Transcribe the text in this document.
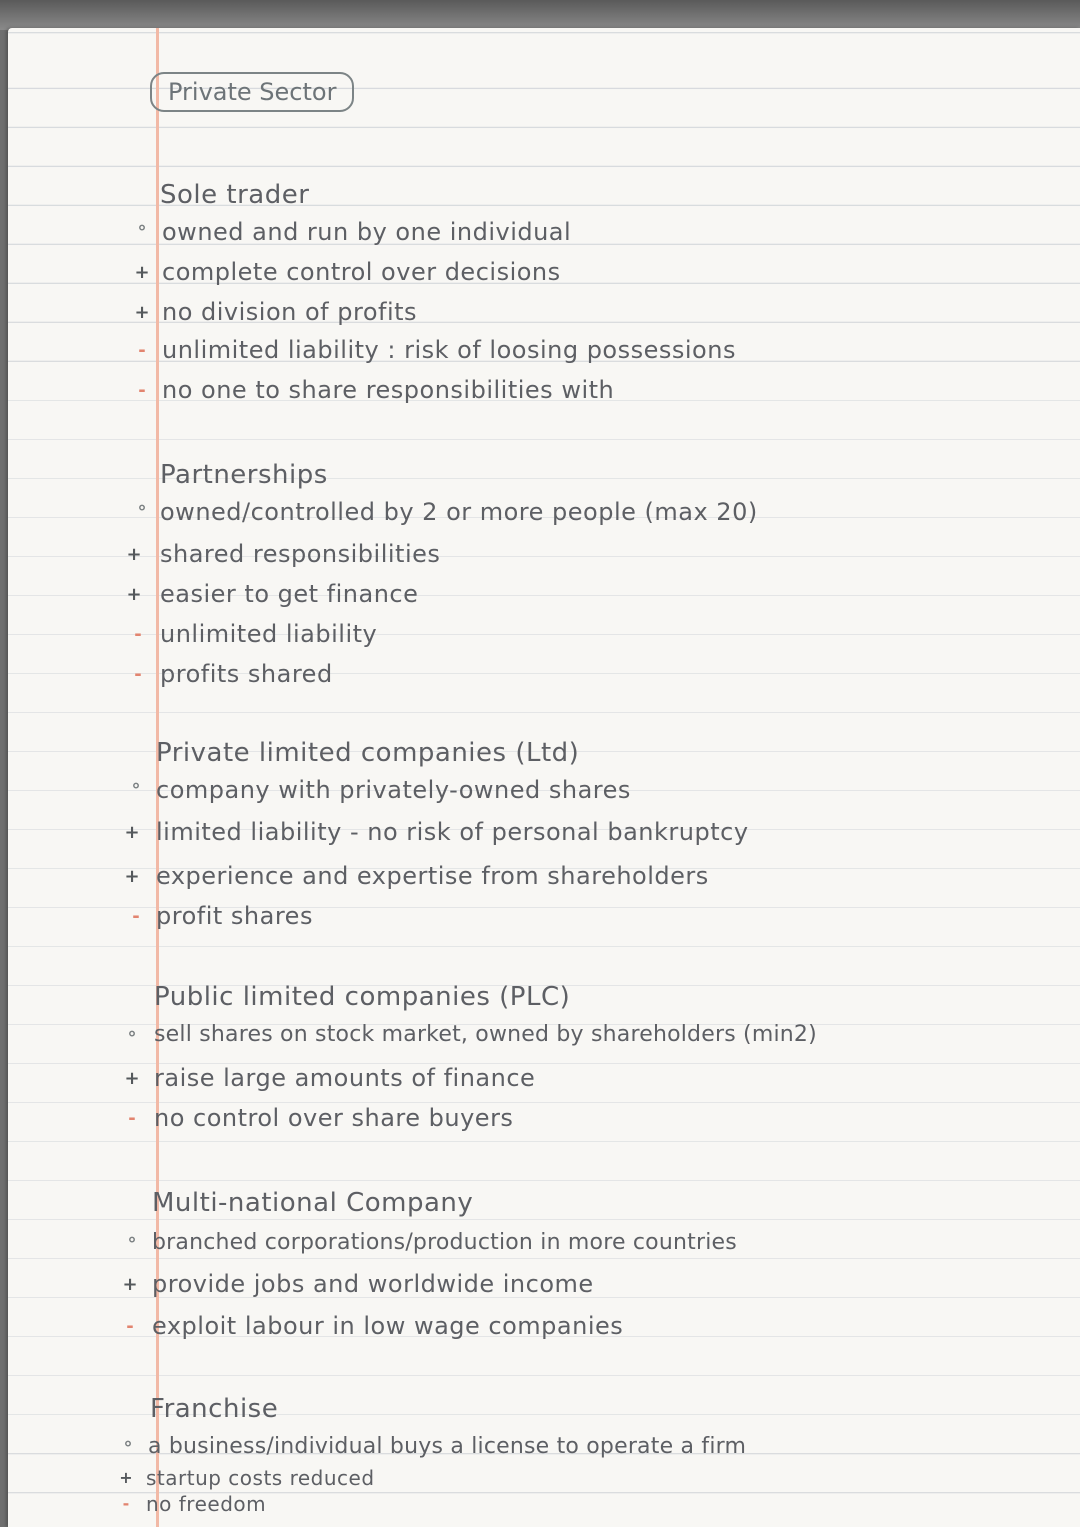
Private Sector
Sole trader
° owned and run by one individual
+ complete control over decisions
+ no division of profits
- unlimited liability : risk of loosing possessions
- no one to share responsibilities with
Partnerships
° owned/controlled by 2 or more people (max 20)
+ shared responsibilities
+ easier to get finance
- unlimited liability
- profits shared
Private limited companies (Ltd)
° company with privately-owned shares
+ limited liability - no risk of personal bankruptcy
+ experience and expertise from shareholders
- profit shares
Public limited companies (PLC)
° sell shares on stock market, owned by shareholders (min2)
+ raise large amounts of finance
- no control over share buyers
Multi-national Company
° branched corporations/production in more countries
+ provide jobs and worldwide income
- exploit labour in low wage companies
Franchise
° a business/individual buys a license to operate a firm
+ startup costs reduced
- no freedom
